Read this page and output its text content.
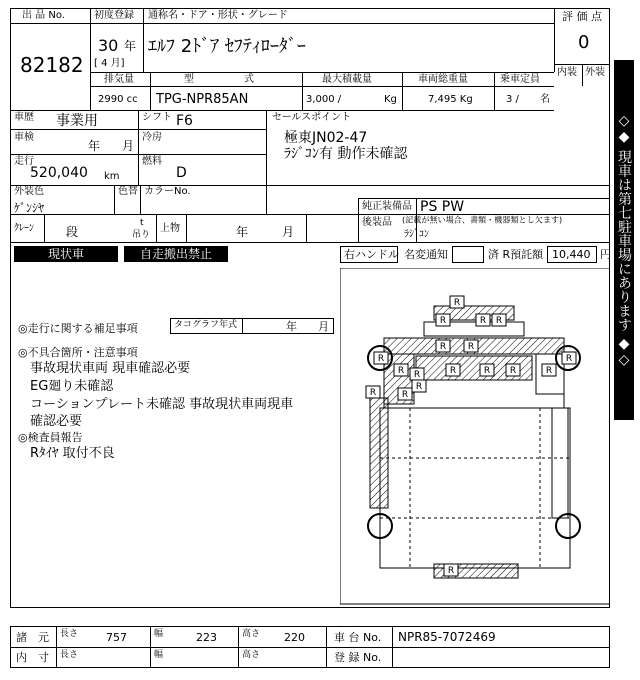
出 品 No.
82182
初度登録
30 年
[ 4 月]
通称名・ドア・形状・グレード
ｴﾙﾌ 2ﾄﾞｱ ｾﾌﾃｨﾛｰﾀﾞｰ
評 価 点
0
内装 外装
排気量
2990 cc
型　　　　　式
TPG-NPR85AN
最大積載量
3,000 /	Kg
車両総重量
7,495 Kg
乗車定員
3 / 名
車歴 事業用	シフト F6
車検
年 月
冷房
走行
520,040 km
燃料
D
セールスポイント
極東JN02-47
ﾗｼﾞｺﾝ有 動作未確認
外装色
ｹﾞﾝｼﾔ
色替 カラーNo.
純正装備品 PS PW
後装品 (記載が無い場合、書類・機器類とし欠ます)
ﾗｼﾞｺﾝ
ｸﾚｰﾝ	段
t
吊り
上物	年	月
現状車	自走搬出禁止	右ハンドル 名変通知	済 R預託額 10,440 円
◎走行に関する補足事項	タコグラフ年式	年 月
◎不具合箇所・注意事項
事故現状車両 現車確認必要
EG廻り未確認
コーションプレート未確認 事故現状車両現車
確認必要
◎検査員報告
Rﾀｲﾔ 取付不良
R
R	R R
R
R
R	R R	R
R	R
R
R
R
R
R
R
◇◆ 現車は第七駐車場にあります ◆◇
諸　元 長さ	757	幅	223	高さ 220	車 台 No. NPR85-7072469
内　寸 長さ	幅	高さ	登 録 No.
